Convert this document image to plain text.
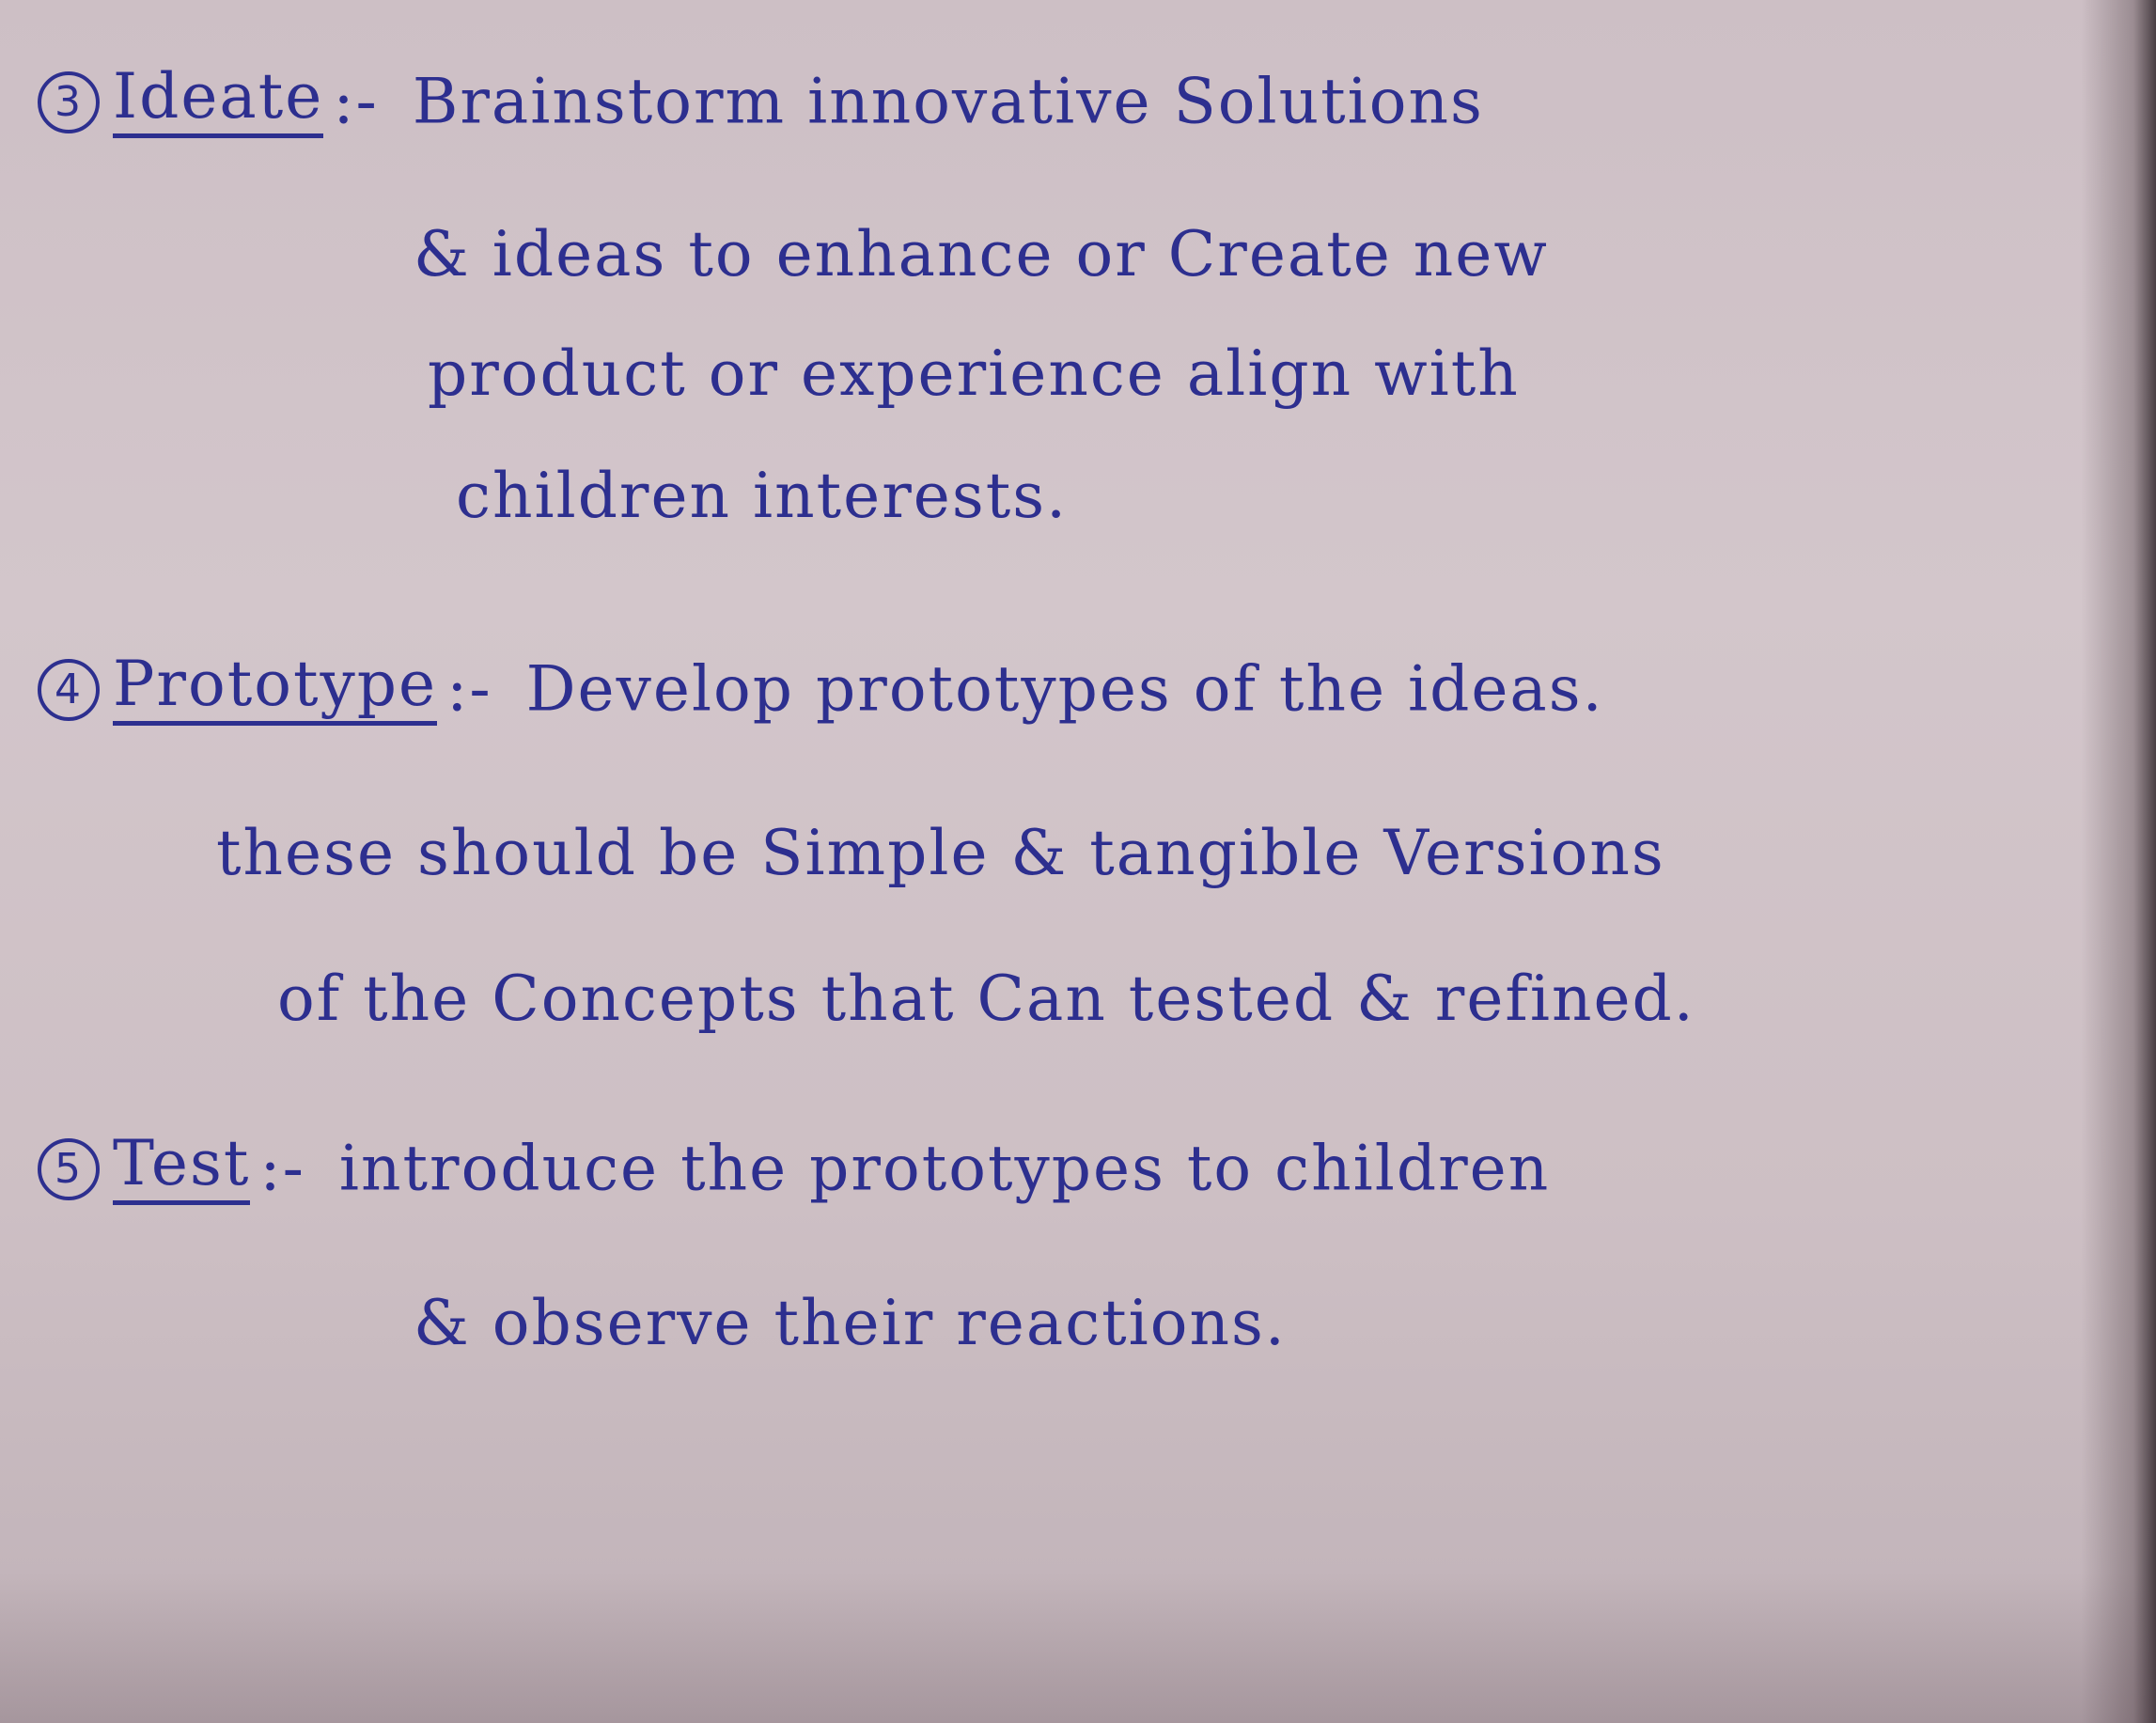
3 Ideate :- Brainstorm innovative Solutions
& ideas to enhance or Create new
product or experience align with
children interests.
4 Prototype :- Develop prototypes of the ideas.
these should be Simple & tangible Versions
of the Concepts that Can tested & refined.
5 Test :- introduce the prototypes to children
& observe their reactions.
